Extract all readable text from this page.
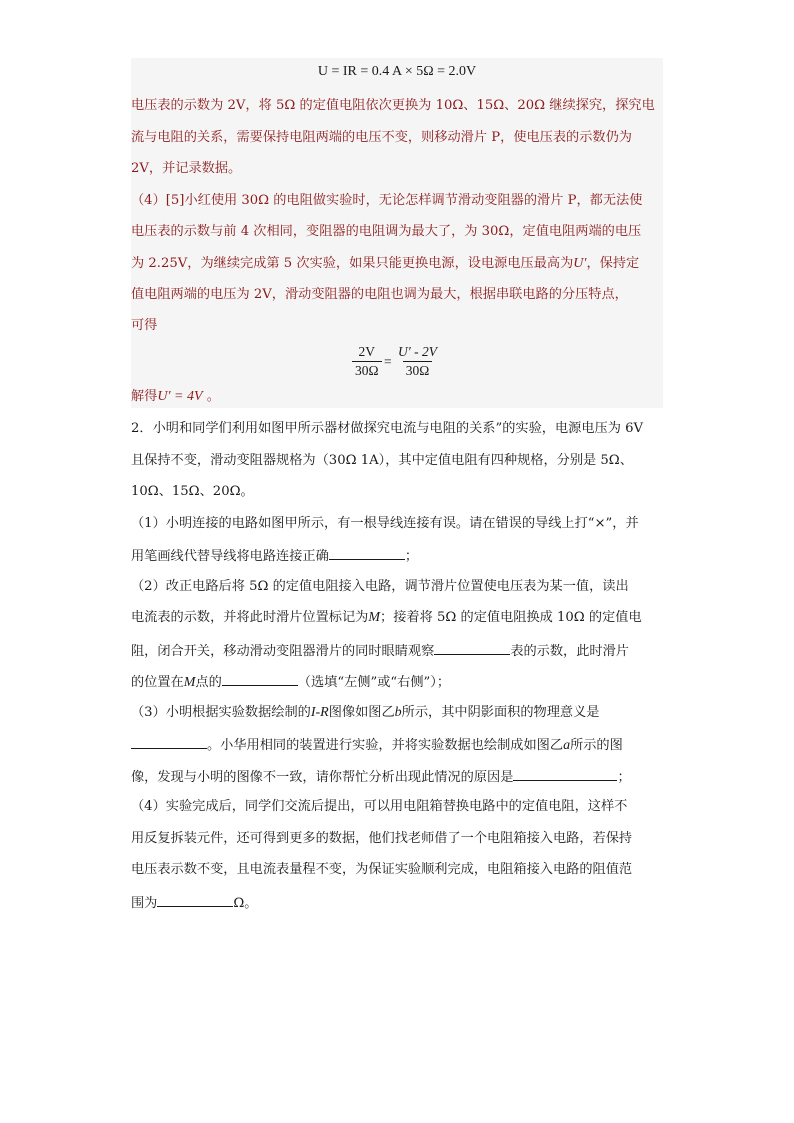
U = IR = 0.4 A × 5Ω = 2.0V
电压表的示数为 2V，将 5Ω 的定值电阻依次更换为 10Ω、15Ω、20Ω 继续探究，探究电
流与电阻的关系，需要保持电阻两端的电压不变，则移动滑片 P，使电压表的示数仍为
2V，并记录数据。
（4）[5]小红使用 30Ω 的电阻做实验时，无论怎样调节滑动变阻器的滑片 P，都无法使
电压表的示数与前 4 次相同，变阻器的电阻调为最大了，为 30Ω，定值电阻两端的电压
为 2.25V，为继续完成第 5 次实验，如果只能更换电源，设电源电压最高为U′，保持定
值电阻两端的电压为 2V，滑动变阻器的电阻也调为最大，根据串联电路的分压特点，
可得
$\frac{2V}{30\Omega} = \frac{U' - 2V}{30\Omega}$
解得U′ = 4V 。
2．小明和同学们利用如图甲所示器材做探究电流与电阻的关系”的实验，电源电压为 6V
且保持不变，滑动变阻器规格为（30Ω 1A），其中定值电阻有四种规格，分别是 5Ω、
10Ω、15Ω、20Ω。
（1）小明连接的电路如图甲所示，有一根导线连接有误。请在错误的导线上打“×”，并
用笔画线代替导线将电路连接正确	；
（2）改正电路后将 5Ω 的定值电阻接入电路，调节滑片位置使电压表为某一值，读出
电流表的示数，并将此时滑片位置标记为M；接着将 5Ω 的定值电阻换成 10Ω 的定值电
阻，闭合开关，移动滑动变阻器滑片的同时眼睛观察	表的示数，此时滑片
的位置在M点的	（选填“左侧”或“右侧”）；
（3）小明根据实验数据绘制的I-R图像如图乙b所示，其中阴影面积的物理意义是
。小华用相同的装置进行实验，并将实验数据也绘制成如图乙a所示的图
像，发现与小明的图像不一致，请你帮忙分析出现此情况的原因是	；
（4）实验完成后，同学们交流后提出，可以用电阻箱替换电路中的定值电阻，这样不
用反复拆装元件，还可得到更多的数据，他们找老师借了一个电阻箱接入电路，若保持
电压表示数不变，且电流表量程不变，为保证实验顺利完成，电阻箱接入电路的阻值范
围为	Ω。
